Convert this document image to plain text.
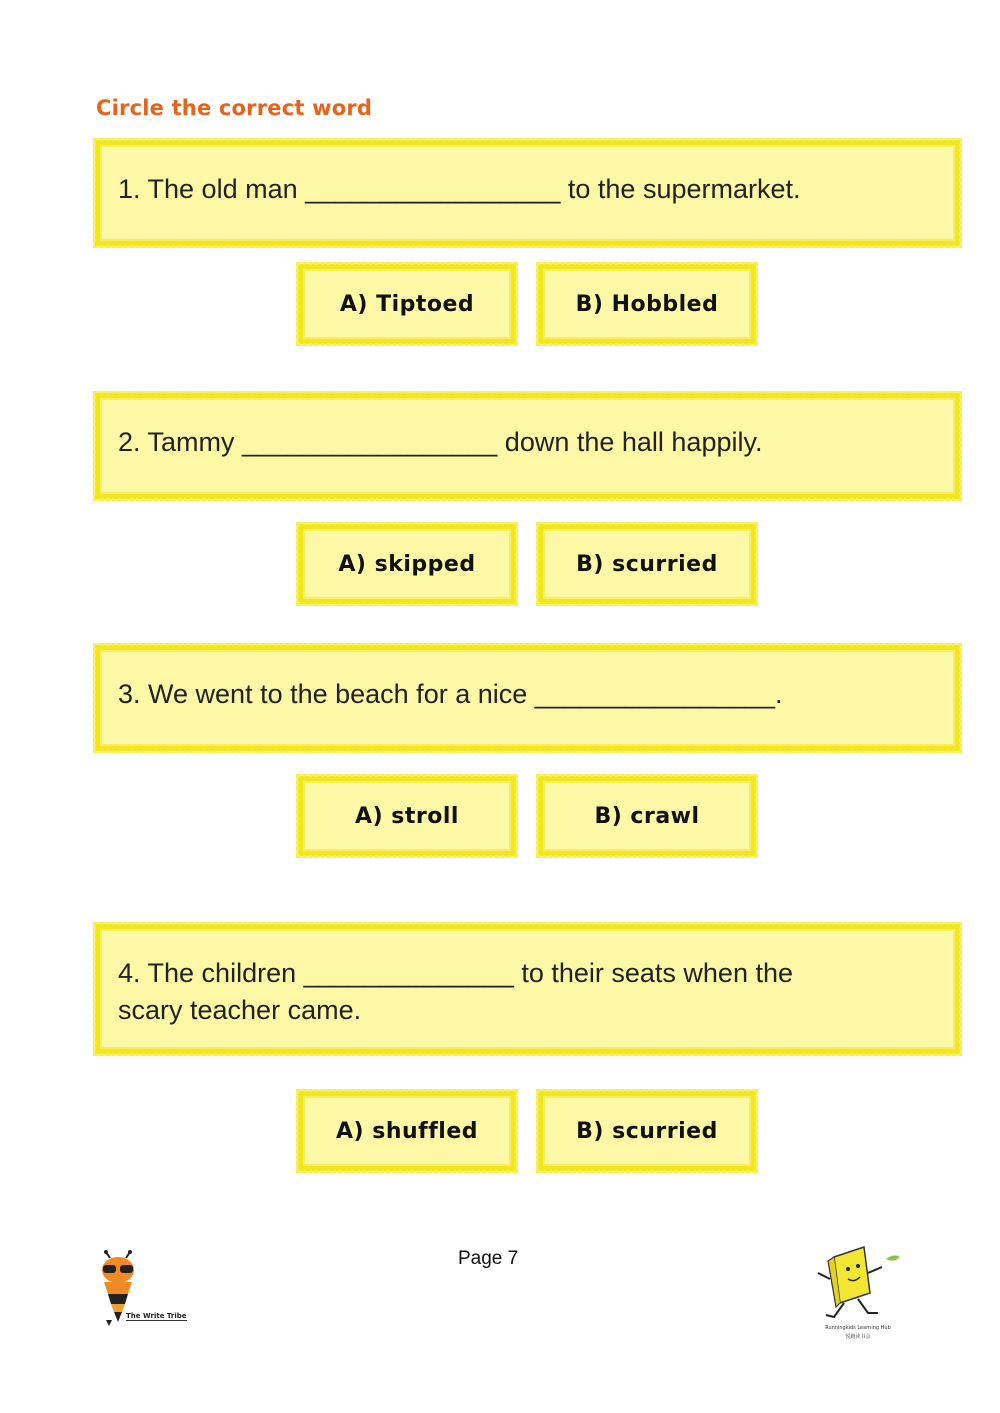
Circle the correct word
1. The old man _________________ to the supermarket.
A) Tiptoed	B) Hobbled
2. Tammy _________________ down the hall happily.
A) skipped	B) scurried
3. We went to the beach for a nice ________________.
A) stroll	B) crawl
4. The children ______________ to their seats when the
scary teacher came.
A) shuffled	B) scurried
Page 7
The Write Tribe
Runningkids Learning Hub
悦跑读书会
